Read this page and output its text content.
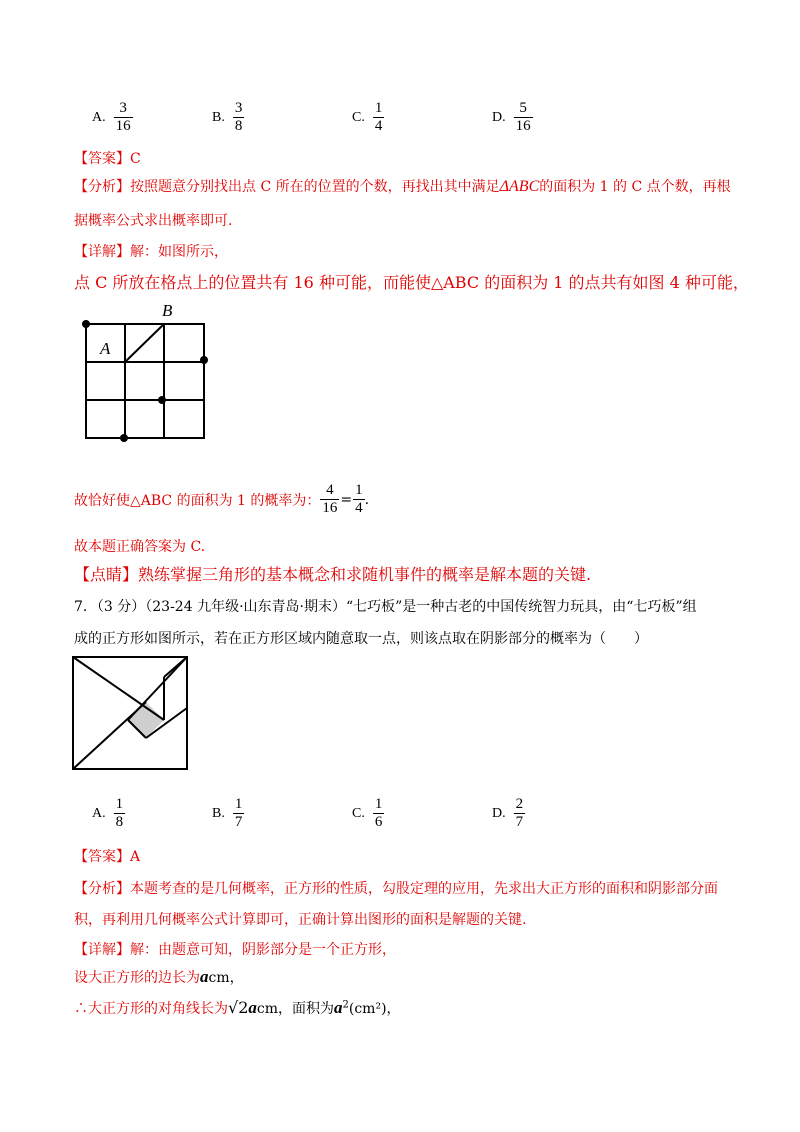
A. $\frac{3}{16}$	B. $\frac{3}{8}$	C. $\frac{1}{4}$	D. $\frac{5}{16}$
【答案】C
【分析】按照题意分别找出点 C 所在的位置的个数，再找出其中满足ΔABC的面积为 1 的 C 点个数，再根
据概率公式求出概率即可.
【详解】解：如图所示，
点 C 所放在格点上的位置共有 16 种可能，而能使△ABC 的面积为 1 的点共有如图 4 种可能，
A
B
故恰好使△ABC 的面积为 1 的概率为： $\frac{4}{16} = \frac{1}{4}$ .
故本题正确答案为 C.
【点睛】熟练掌握三角形的基本概念和求随机事件的概率是解本题的关键.
7．（3 分）（23-24 九年级·山东青岛·期末）“七巧板”是一种古老的中国传统智力玩具，由“七巧板”组
成的正方形如图所示，若在正方形区域内随意取一点，则该点取在阴影部分的概率为（　　）
A. $\frac{1}{8}$	B. $\frac{1}{7}$	C. $\frac{1}{6}$	D. $\frac{2}{7}$
【答案】A
【分析】本题考查的是几何概率，正方形的性质，勾股定理的应用，先求出大正方形的面积和阴影部分面
积，再利用几何概率公式计算即可，正确计算出图形的面积是解题的关键.
【详解】解：由题意可知，阴影部分是一个正方形，
设大正方形的边长为acm，
∴大正方形的对角线长为√2acm，面积为$a^2(cm^2)$，
